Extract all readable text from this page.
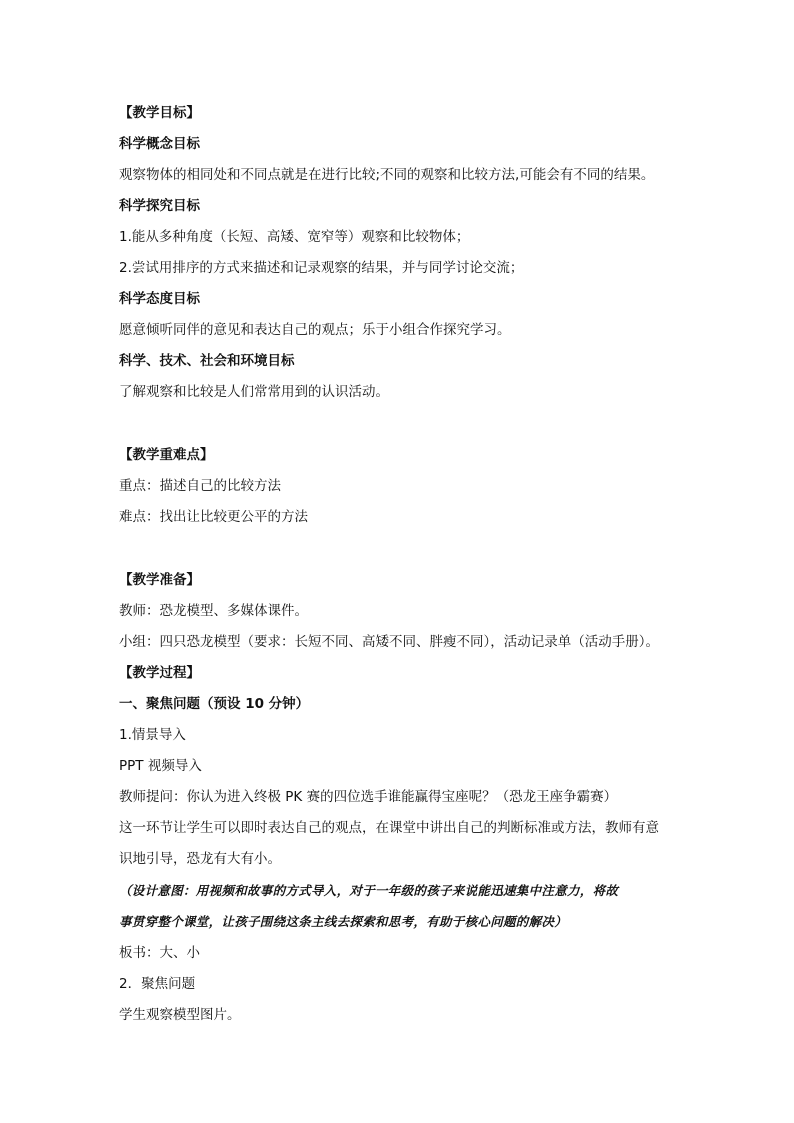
【教学目标】
科学概念目标
观察物体的相同处和不同点就是在进行比较;不同的观察和比较方法,可能会有不同的结果。
科学探究目标
1.能从多种角度（长短、高矮、宽窄等）观察和比较物体；
2.尝试用排序的方式来描述和记录观察的结果，并与同学讨论交流；
科学态度目标
愿意倾听同伴的意见和表达自己的观点；乐于小组合作探究学习。
科学、技术、社会和环境目标
了解观察和比较是人们常常用到的认识活动。
【教学重难点】
重点：描述自己的比较方法
难点：找出让比较更公平的方法
【教学准备】
教师：恐龙模型、多媒体课件。
小组：四只恐龙模型（要求：长短不同、高矮不同、胖瘦不同），活动记录单（活动手册）。
【教学过程】
一、聚焦问题（预设 10 分钟）
1.情景导入
PPT 视频导入
教师提问：你认为进入终极 PK 赛的四位选手谁能赢得宝座呢？（恐龙王座争霸赛）
这一环节让学生可以即时表达自己的观点，在课堂中讲出自己的判断标准或方法，教师有意
识地引导，恐龙有大有小。
（设计意图：用视频和故事的方式导入，对于一年级的孩子来说能迅速集中注意力，将故
事贯穿整个课堂，让孩子围绕这条主线去探索和思考，有助于核心问题的解决）
板书：大、小
2．聚焦问题
学生观察模型图片。
